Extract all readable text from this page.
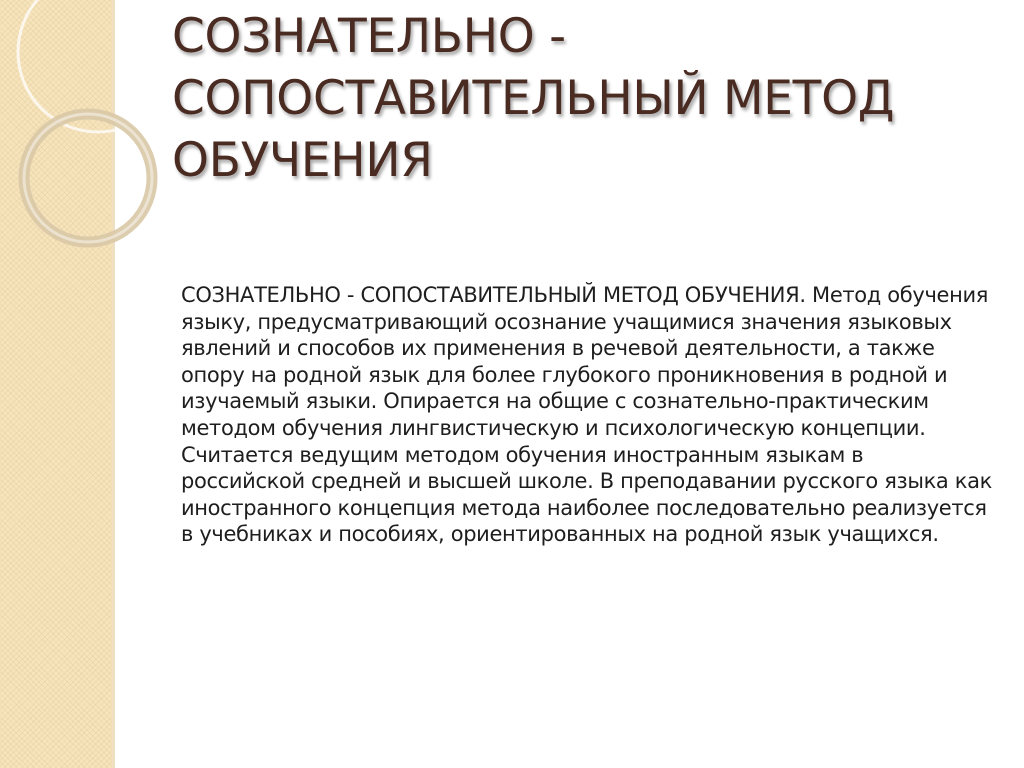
СОЗНАТЕЛЬНО - СОПОСТАВИТЕЛЬНЫЙ МЕТОД ОБУЧЕНИЯ

СОЗНАТЕЛЬНО - СОПОСТАВИТЕЛЬНЫЙ МЕТОД ОБУЧЕНИЯ. Метод обучения языку, предусматривающий осознание учащимися значения языковых явлений и способов их применения в речевой деятельности, а также опору на родной язык для более глубокого проникновения в родной и изучаемый языки. Опирается на общие с сознательно-практическим методом обучения лингвистическую и психологическую концепции. Считается ведущим методом обучения иностранным языкам в российской средней и высшей школе. В преподавании русского языка как иностранного концепция метода наиболее последовательно реализуется в учебниках и пособиях, ориентированных на родной язык учащихся.
